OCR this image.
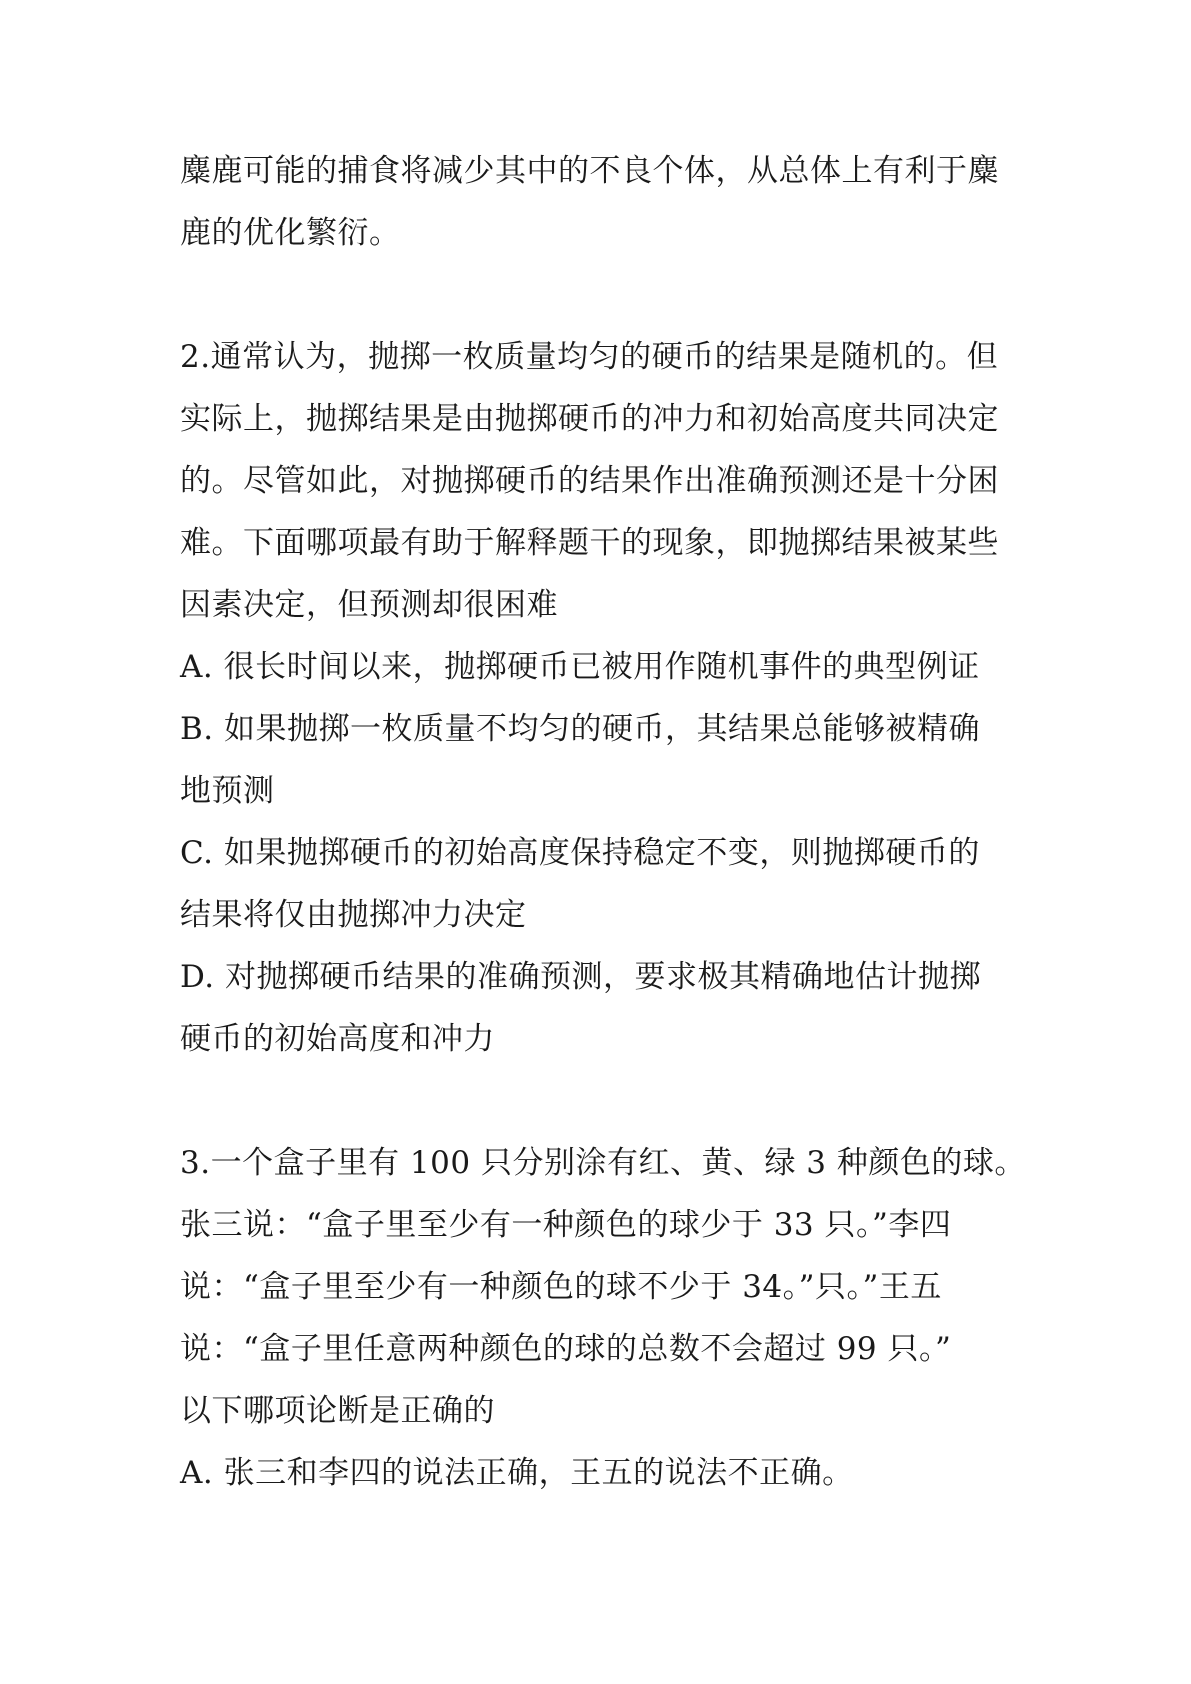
麋鹿可能的捕食将减少其中的不良个体，从总体上有利于麋
鹿的优化繁衍。
2.通常认为，抛掷一枚质量均匀的硬币的结果是随机的。但
实际上，抛掷结果是由抛掷硬币的冲力和初始高度共同决定
的。尽管如此，对抛掷硬币的结果作出准确预测还是十分困
难。下面哪项最有助于解释题干的现象，即抛掷结果被某些
因素决定，但预测却很困难
A. 很长时间以来，抛掷硬币已被用作随机事件的典型例证
B. 如果抛掷一枚质量不均匀的硬币，其结果总能够被精确
地预测
C. 如果抛掷硬币的初始高度保持稳定不变，则抛掷硬币的
结果将仅由抛掷冲力决定
D. 对抛掷硬币结果的准确预测，要求极其精确地估计抛掷
硬币的初始高度和冲力
3.一个盒子里有 100 只分别涂有红、黄、绿 3 种颜色的球。
张三说：“盒子里至少有一种颜色的球少于 33 只。”李四
说：“盒子里至少有一种颜色的球不少于 34。”只。”王五
说：“盒子里任意两种颜色的球的总数不会超过 99 只。”
以下哪项论断是正确的
A. 张三和李四的说法正确，王五的说法不正确。
